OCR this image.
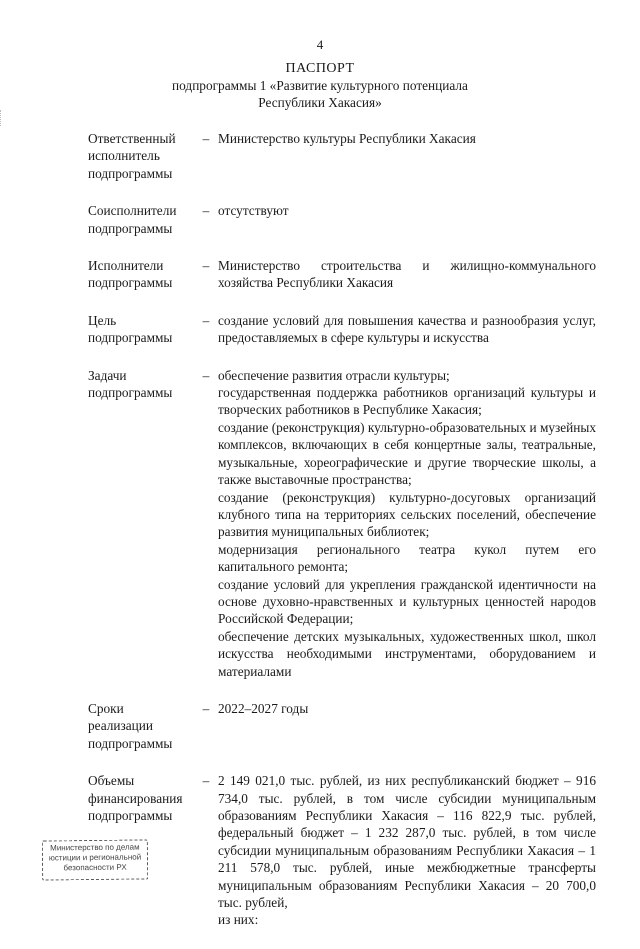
4
ПАСПОРТ
подпрограммы 1 «Развитие культурного потенциала
Республики Хакасия»
Ответственный
исполнитель
подпрограммы
– Министерство культуры Республики Хакасия
Соисполнители
подпрограммы
– отсутствуют
Исполнители
подпрограммы
– Министерство строительства и жилищно-коммунального хозяйства Республики Хакасия
Цель
подпрограммы
– создание условий для повышения качества и разнообразия услуг, предоставляемых в сфере культуры и искусства
Задачи
подпрограммы
– обеспечение развития отрасли культуры;
государственная поддержка работников организаций культуры и творческих работников в Республике Хакасия;
создание (реконструкция) культурно-образовательных и музейных комплексов, включающих в себя концертные залы, театральные, музыкальные, хореографические и другие творческие школы, а также выставочные пространства;
создание (реконструкция) культурно-досуговых организаций клубного типа на территориях сельских поселений, обеспечение развития муниципальных библиотек;
модернизация регионального театра кукол путем его капитального ремонта;
создание условий для укрепления гражданской идентичности на основе духовно-нравственных и культурных ценностей народов Российской Федерации;
обеспечение детских музыкальных, художественных школ, школ искусства необходимыми инструментами, оборудованием и материалами
Сроки
реализации
подпрограммы
– 2022–2027 годы
Объемы
финансирования
подпрограммы
– 2 149 021,0 тыс. рублей, из них республиканский бюджет – 916 734,0 тыс. рублей, в том числе субсидии муниципальным образованиям Республики Хакасия – 116 822,9 тыс. рублей, федеральный бюджет – 1 232 287,0 тыс. рублей, в том числе субсидии муниципальным образованиям Республики Хакасия – 1 211 578,0 тыс. рублей, иные межбюджетные трансферты муниципальным образованиям Республики Хакасия – 20 700,0 тыс. рублей,
из них:
Министерство по делам
юстиции и региональной
безопасности РХ
